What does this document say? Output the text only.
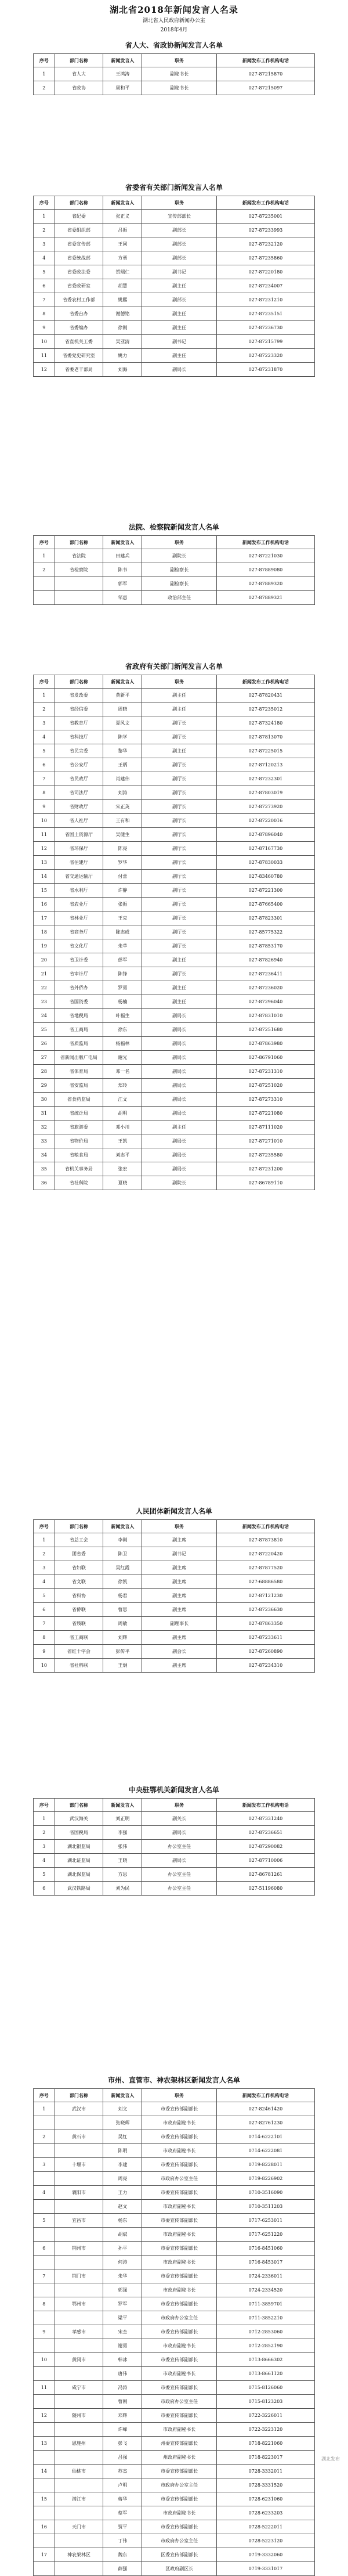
湖北省2018年新闻发言人名录
湖北省人民政府新闻办公室
2018年4月
省人大、省政协新闻发言人名单
序号	部门名称	新闻发言人	职务	新闻发布工作机构电话
1	省人大	王鸿涛	副秘书长	027-87215870
2	省政协	周和平	副秘书长	027-87215097
省委省有关部门新闻发言人名单
序号	部门名称	新闻发言人	职务	新闻发布工作机构电话
1	省纪委	张正义	宣传部部长	027-87235001
2	省委组织部	吕振	副部长	027-87233993
3	省委宣传部	王同	副部长	027-87232120
4	省委统战部	方勇	副部长	027-87235860
5	省委政法委	贺瑞仁	副书记	027-87220180
6	省委政研室	胡慧	副主任	027-87234007
7	省委农村工作部	姚熙	副部长	027-87231210
8	省委台办	谢德铭	副主任	027-87235151
9	省委编办	徐刚	副主任	027-87236730
10	省直机关工委	吴亚清	副书记	027-87215799
11	省委党史研究室	姚力	副主任	027-87223320
12	省委老干部局	刘海	副局长	027-87231870
法院、检察院新闻发言人名单
序号	部门名称	新闻发言人	职务	新闻发布工作机构电话
1	省法院	田建兵	副院长	027-87221030
2	省检察院	陈书	副检察长	027-87889080
		郭军	副检察长	027-87889320
		邹惠	政治部主任	027-87889321
省政府有关部门新闻发言人名单
序号	部门名称	新闻发言人	职务	新闻发布工作机构电话
1	省发改委	黄新平	副主任	027-87820431
2	省经信委	周晓	副主任	027-87235012
3	省教育厅	夏风文	副厅长	027-87324180
4	省科技厅	陈学	副厅长	027-87813070
5	省民宗委	黎华	副主任	027-87225015
6	省公安厅	王炳	副厅长	027-87120213
7	省民政厅	肖建伟	副厅长	027-87232301
8	省司法厅	刘涛	副厅长	027-87803019
9	省财政厅	宋正英	副厅长	027-87273920
10	省人社厅	王有和	副厅长	027-87220016
11	省国土资源厅	吴健生	副厅长	027-87896040
12	省环保厅	陈亮	副厅长	027-87167730
13	省住建厅	罗华	副厅长	027-87830033
14	省交通运输厅	付蕾	副厅长	027-83460780
15	省水利厅	许静	副厅长	027-87221300
16	省农业厅	张振	副厅长	027-87665400
17	省林业厅	王克	副厅长	027-87823301
18	省商务厅	陈志成	副厅长	027-85775322
19	省文化厅	朱苹	副厅长	027-87853170
20	省卫计委	彭军	副主任	027-87826940
21	省审计厅	陈锋	副厅长	027-87236411
22	省外侨办	罗勇	副主任	027-87236020
23	省国资委	杨楠	副主任	027-87296040
24	省地税局	叶福生	副局长	027-87831010
25	省工商局	徐东	副局长	027-87251680
26	省质监局	杨福林	副局长	027-87863980
27	省新闻出版广电局	谢光	副局长	027-86791060
28	省体育局	邓一名	副局长	027-87231310
29	省安监局	郑玲	副局长	027-87251020
30	省食药监局	江文	副局长	027-87273310
31	省统计局	胡明	副局长	027-87221080
32	省旅游委	邓小川	副主任	027-87111020
33	省物价局	王凯	副局长	027-87271010
34	省粮食局	刘志平	副局长	027-87235580
35	省机关事务局	张宏	副局长	027-87231200
36	省社科院	夏晓	副院长	027-86789110
人民团体新闻发言人名单
序号	部门名称	新闻发言人	职务	新闻发布工作机构电话
1	省总工会	李刚	副主席	027-87873810
2	团省委	陈卫	副书记	027-87220420
3	省妇联	吴红霞	副主席	027-87877520
4	省文联	徐凯	副主席	027-68886580
5	省科协	杨君	副主席	027-87121230
6	省侨联	曹思	副主席	027-87236630
7	省残联	周敏	副理事长	027-87863350
8	省工商联	刘辉	副主席	027-87233611
9	省红十字会	彭传平	副会长	027-87260890
10	省社科联	王炯	副主席	027-87234310
中央驻鄂机关新闻发言人名单
序号	部门名称	新闻发言人	职务	新闻发布工作机构电话
1	武汉海关	刘正明	副关长	027-87331240
2	省国税局	李强	副局长	027-87236651
3	湖北银监局	张伟	办公室主任	027-87290082
4	湖北证监局	王晓	副局长	027-87710006
5	湖北保监局	方思	办公室主任	027-86781261
6	武汉铁路局	刘为民	办公室主任	027-51196080
市州、直管市、神农架林区新闻发言人名单
序号	部门名称	新闻发言人	职务	新闻发布工作机构电话
1	武汉市	刘文	市委宣传部副部长	027-82461420
		张晓辉	市政府副秘书长	027-82761230
2	黄石市	吴红	市委宣传部副部长	0714-6222101
		陈明	市政府副秘书长	0714-6222081
3	十堰市	李建	市委宣传部副部长	0719-8228011
		周亮	市政府办公室主任	0719-8226902
4	襄阳市	王力	市委宣传部副部长	0710-3516090
		赵文	市政府副秘书长	0710-3511203
5	宜昌市	杨东	市委宣传部副部长	0717-6253011
		胡斌	市政府副秘书长	0717-6251220
6	荆州市	孙平	市委宣传部副部长	0716-8451060
		何涛	市政府副秘书长	0716-8453017
7	荆门市	朱华	市委宣传部副部长	0724-2336011
		郭强	市政府副秘书长	0724-2334520
8	鄂州市	罗军	市委宣传部副部长	0711-3859701
		梁平	市政府办公室主任	0711-3852210
9	孝感市	宋杰	市委宣传部副部长	0712-2853060
		谢勇	市政府副秘书长	0712-2852190
10	黄冈市	韩冰	市委宣传部副部长	0713-8666302
		唐伟	市政府副秘书长	0713-8661120
11	咸宁市	冯涛	市委宣传部副部长	0715-8126060
		曹刚	市政府办公室主任	0715-8123203
12	随州市	邓辉	市委宣传部副部长	0722-3226011
		许峰	市政府副秘书长	0722-3223120
13	恩施州	彭飞	州委宣传部副部长	0718-8221060
		吕强	州政府副秘书长	0718-8223017
14	仙桃市	苏杰	市委宣传部副部长	0728-3332011
		卢明	市政府办公室主任	0728-3331520
15	潜江市	蒋华	市委宣传部副部长	0728-6231060
		蔡军	市政府副秘书长	0728-6233203
16	天门市	贾平	市委宣传部副部长	0728-5222011
		丁伟	市政府办公室主任	0728-5223120
17	神农架林区	魏东	区委宣传部副部长	0719-3332060
		薛强	区政府副区长	0719-3331017
湖北发布
